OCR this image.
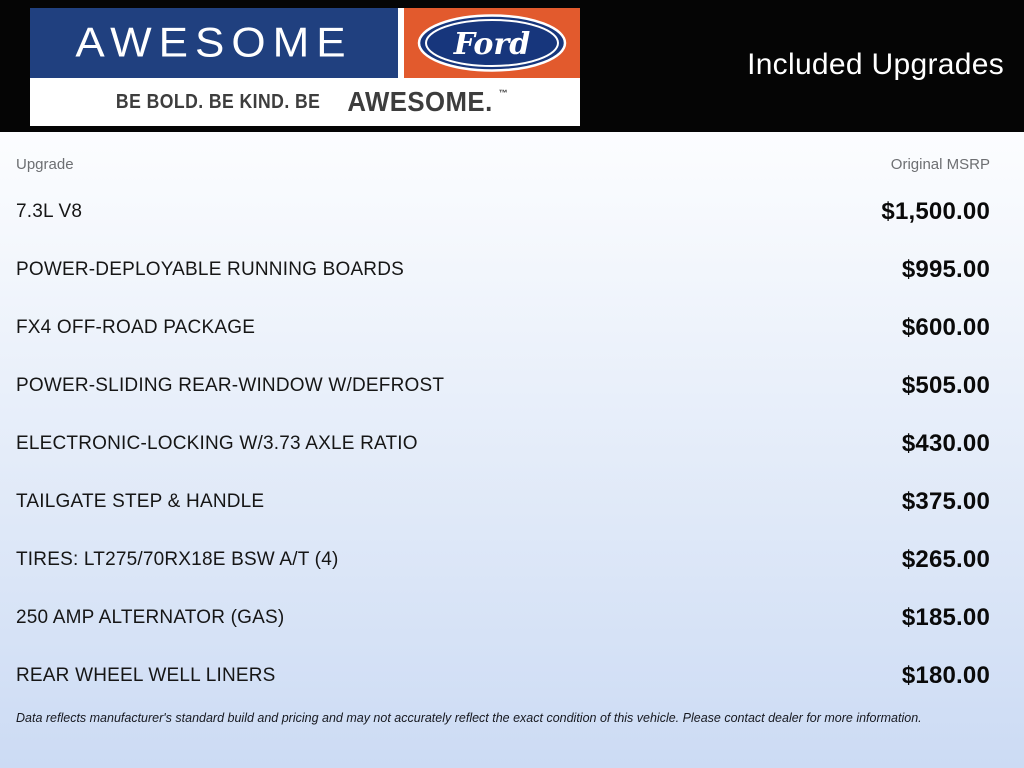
AWESOME	Ford
BE BOLD. BE KIND. BE AWESOME. ™
Included Upgrades
Upgrade	Original MSRP
7.3L V8	$1,500.00
POWER-DEPLOYABLE RUNNING BOARDS	$995.00
FX4 OFF-ROAD PACKAGE	$600.00
POWER-SLIDING REAR-WINDOW W/DEFROST	$505.00
ELECTRONIC-LOCKING W/3.73 AXLE RATIO	$430.00
TAILGATE STEP & HANDLE	$375.00
TIRES: LT275/70RX18E BSW A/T (4)	$265.00
250 AMP ALTERNATOR (GAS)	$185.00
REAR WHEEL WELL LINERS	$180.00
Data reflects manufacturer's standard build and pricing and may not accurately reflect the exact condition of this vehicle. Please contact dealer for more information.
